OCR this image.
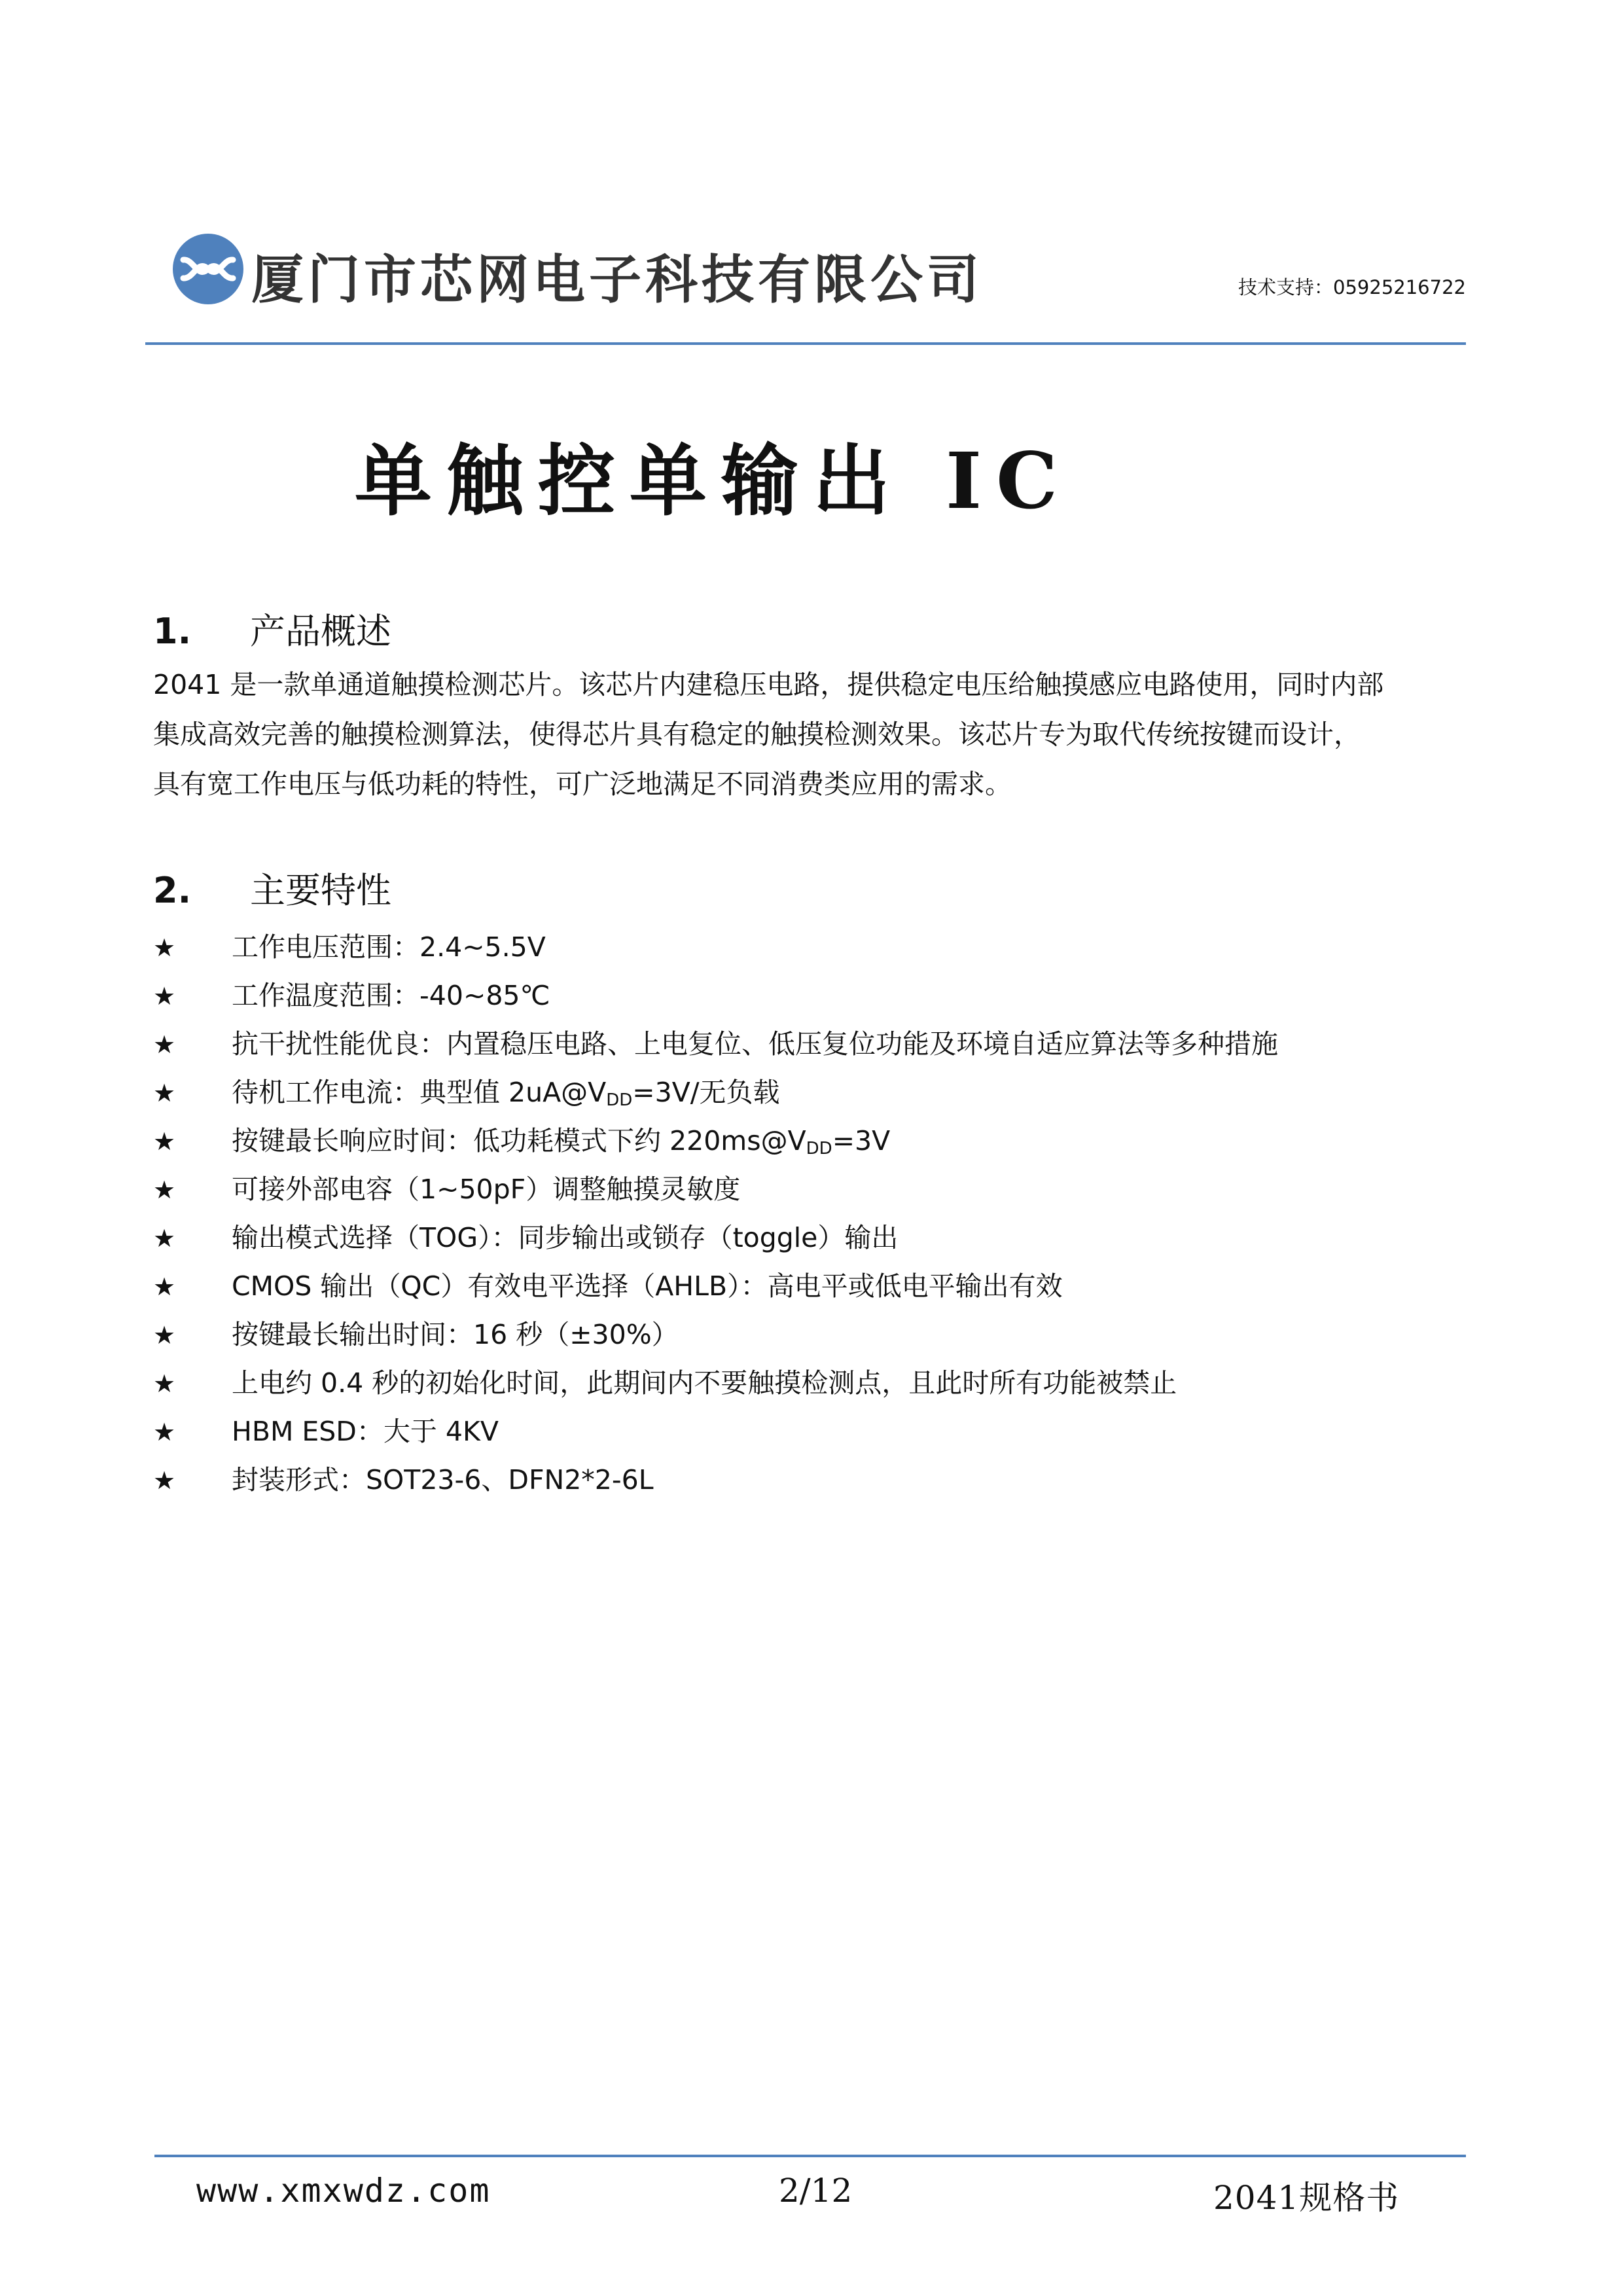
厦门市芯网电子科技有限公司	技术支持：05925216722
单触控单输出 IC
1. 产品概述

2041 是一款单通道触摸检测芯片。该芯片内建稳压电路，提供稳定电压给触摸感应电路使用，同时内部

集成高效完善的触摸检测算法，使得芯片具有稳定的触摸检测效果。该芯片专为取代传统按键而设计，

具有宽工作电压与低功耗的特性，可广泛地满足不同消费类应用的需求。

2. 主要特性
★ 工作电压范围：2.4~5.5V
★ 工作温度范围：-40~85℃
★ 抗干扰性能优良：内置稳压电路、上电复位、低压复位功能及环境自适应算法等多种措施
★ 待机工作电流：典型值 $2uA@V_{DD}=3V/$无负载
★ 按键最长响应时间：低功耗模式下约 $220ms@V_{DD}=3V$
★ 可接外部电容（1~50pF）调整触摸灵敏度
★ 输出模式选择（TOG）：同步输出或锁存（toggle）输出
★ CMOS 输出（QC）有效电平选择（AHLB）：高电平或低电平输出有效
★ 按键最长输出时间：16 秒（±30%）
★ 上电约 0.4 秒的初始化时间，此期间内不要触摸检测点，且此时所有功能被禁止
★ HBM ESD：大于 4KV
★ 封装形式：SOT23-6、DFN2*2-6L
www.xmxwdz.com	2/12	2041规格书
